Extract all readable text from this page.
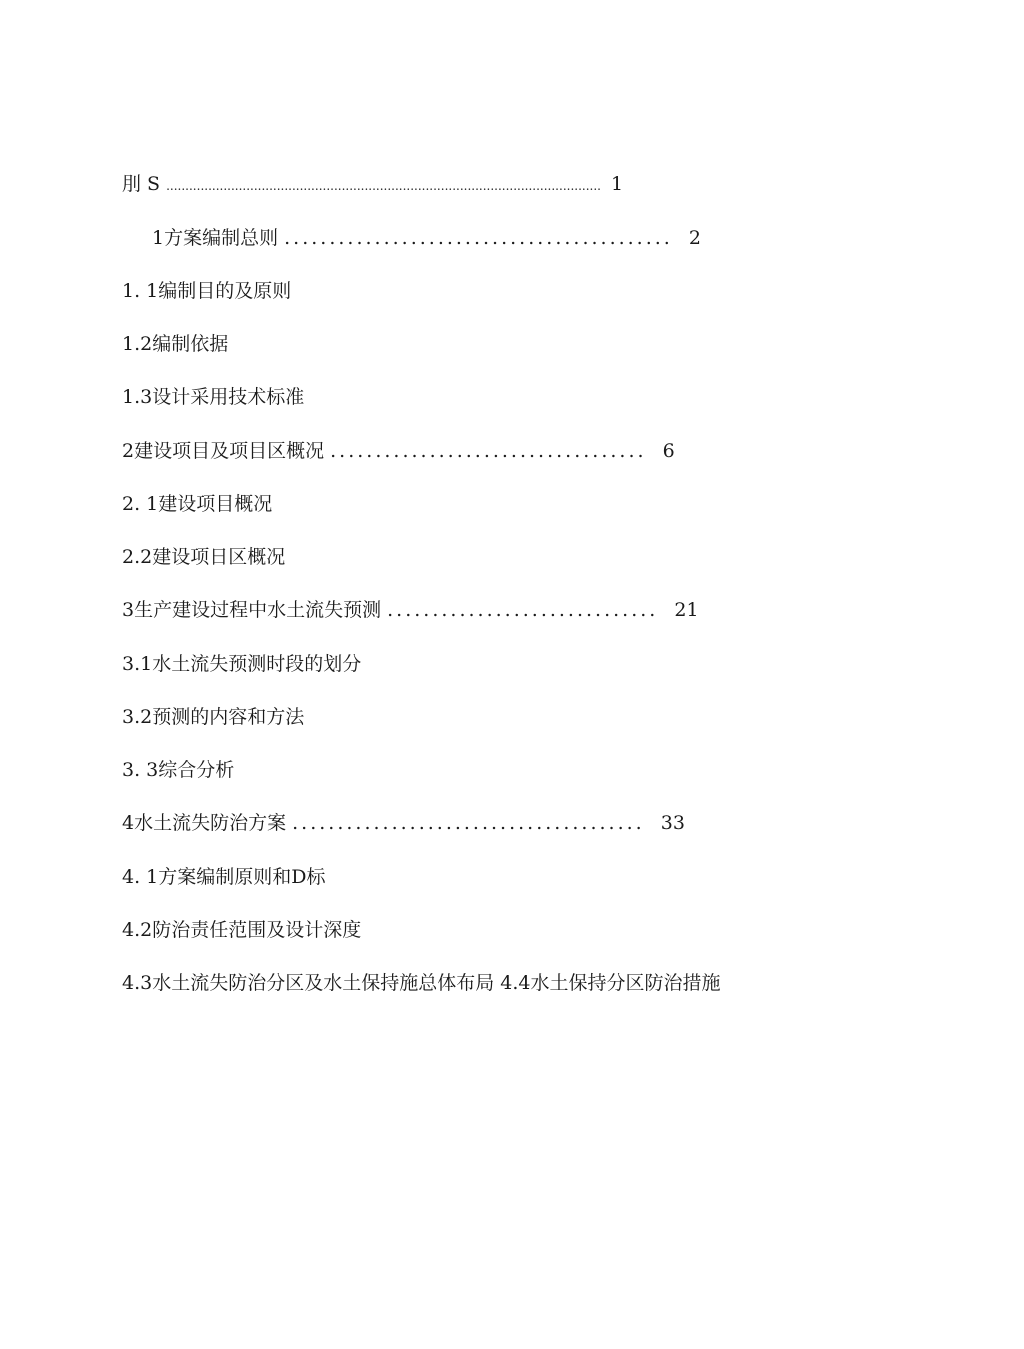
刖 S .................................................................................................................. 1
1方案编制总则 ........................................... 2
1. 1编制目的及原则
1.2编制依据
1.3设计采用技术标准
2建设项目及项目区概况 ................................... 6
2. 1建设项目概况
2.2建设项日区概况
3生产建设过程中水土流失预测 .............................. 21
3.1水土流失预测时段的划分
3.2预测的内容和方法
3. 3综合分析
4水土流失防治方案 ....................................... 33
4. 1方案编制原则和D标
4.2防治责任范围及设计深度
4.3水土流失防治分区及水土保持施总体布局 4.4水土保持分区防治措施
